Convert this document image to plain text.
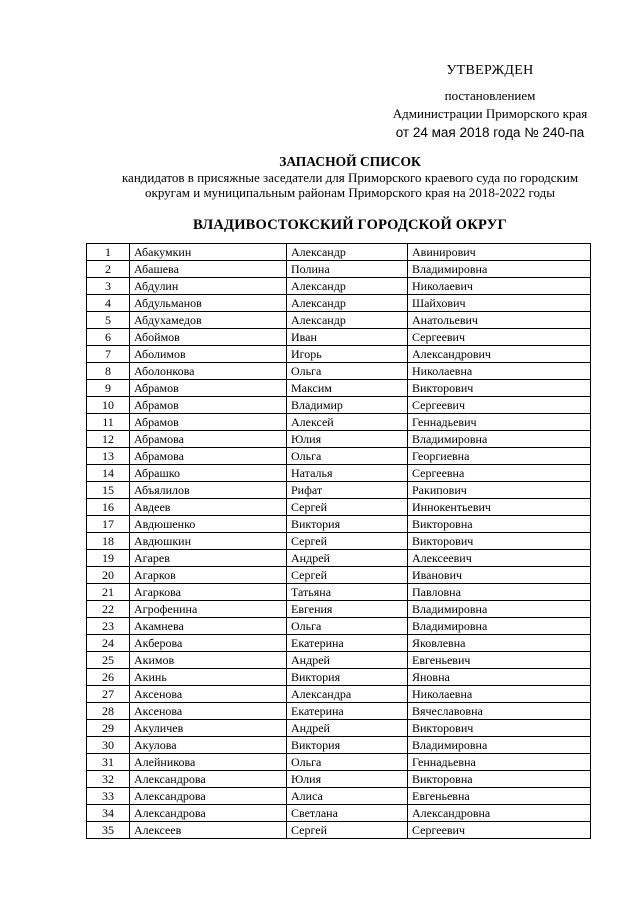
УТВЕРЖДЕН
постановлением
Администрации Приморского края
от 24 мая 2018 года № 240-па
ЗАПАСНОЙ СПИСОК
кандидатов в присяжные заседатели для Приморского краевого суда по городским
округам и муниципальным районам Приморского края на 2018-2022 годы
ВЛАДИВОСТОКСКИЙ ГОРОДСКОЙ ОКРУГ
1	Абакумкин	Александр	Авинирович
2	Абашева	Полина	Владимировна
3	Абдулин	Александр	Николаевич
4	Абдульманов	Александр	Шайхович
5	Абдухамедов	Александр	Анатольевич
6	Абоймов	Иван	Сергеевич
7	Аболимов	Игорь	Александрович
8	Аболонкова	Ольга	Николаевна
9	Абрамов	Максим	Викторович
10	Абрамов	Владимир	Сергеевич
11	Абрамов	Алексей	Геннадьевич
12	Абрамова	Юлия	Владимировна
13	Абрамова	Ольга	Георгиевна
14	Абрашко	Наталья	Сергеевна
15	Абъялилов	Рифат	Ракипович
16	Авдеев	Сергей	Иннокентьевич
17	Авдюшенко	Виктория	Викторовна
18	Авдюшкин	Сергей	Викторович
19	Агарев	Андрей	Алексеевич
20	Агарков	Сергей	Иванович
21	Агаркова	Татьяна	Павловна
22	Агрофенина	Евгения	Владимировна
23	Акамнева	Ольга	Владимировна
24	Акберова	Екатерина	Яковлевна
25	Акимов	Андрей	Евгеньевич
26	Акинь	Виктория	Яновна
27	Аксенова	Александра	Николаевна
28	Аксенова	Екатерина	Вячеславовна
29	Акуличев	Андрей	Викторович
30	Акулова	Виктория	Владимировна
31	Алейникова	Ольга	Геннадьевна
32	Александрова	Юлия	Викторовна
33	Александрова	Алиса	Евгеньевна
34	Александрова	Светлана	Александровна
35	Алексеев	Сергей	Сергеевич
